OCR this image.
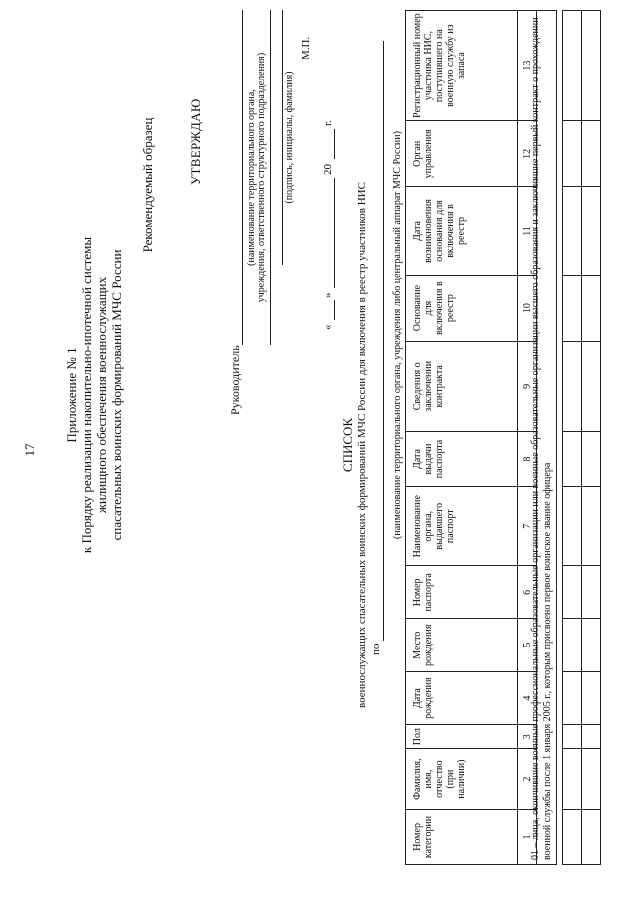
17
Приложение № 1 к Порядку реализации накопительно-ипотечной системы жилищного обеспечения военнослужащих спасательных воинских формирований МЧС России
Рекомендуемый образец	УТВЕРЖДАЮ
Руководитель
(наименование территориального органа, учреждения, ответственного структурного подразделения) (подпись, инициалы, фамилия)
М.П.
«
»
20
г.
СПИСОК военнослужащих спасательных воинских формирований МЧС России для включения в реестр участников НИС по
(наименование территориального органа, учреждения либо центральный аппарат МЧС России)
Номер категории	Фамилия, имя, отчество (при наличии)	Пол	Дата рождения	Место рождения	Номер паспорта	Наименование органа, выдавшего паспорт	Дата выдачи паспорта	Сведения о заключении контракта	Основание для включения в реестр	Дата возникновения основания для включения в реестр	Орган управления	Регистрационный номер участника НИС, поступившего на военную службу из запаса
1	2	3	4	5	6	7	8	9	10	11	12	13
01 – лица, окончившие военные профессиональные образовательные организации или военные образовательные организации высшего образования и заключившие первый контракт о прохождении военной службы после 1 января 2005 г., которым присвоено первое воинское звание офицера
